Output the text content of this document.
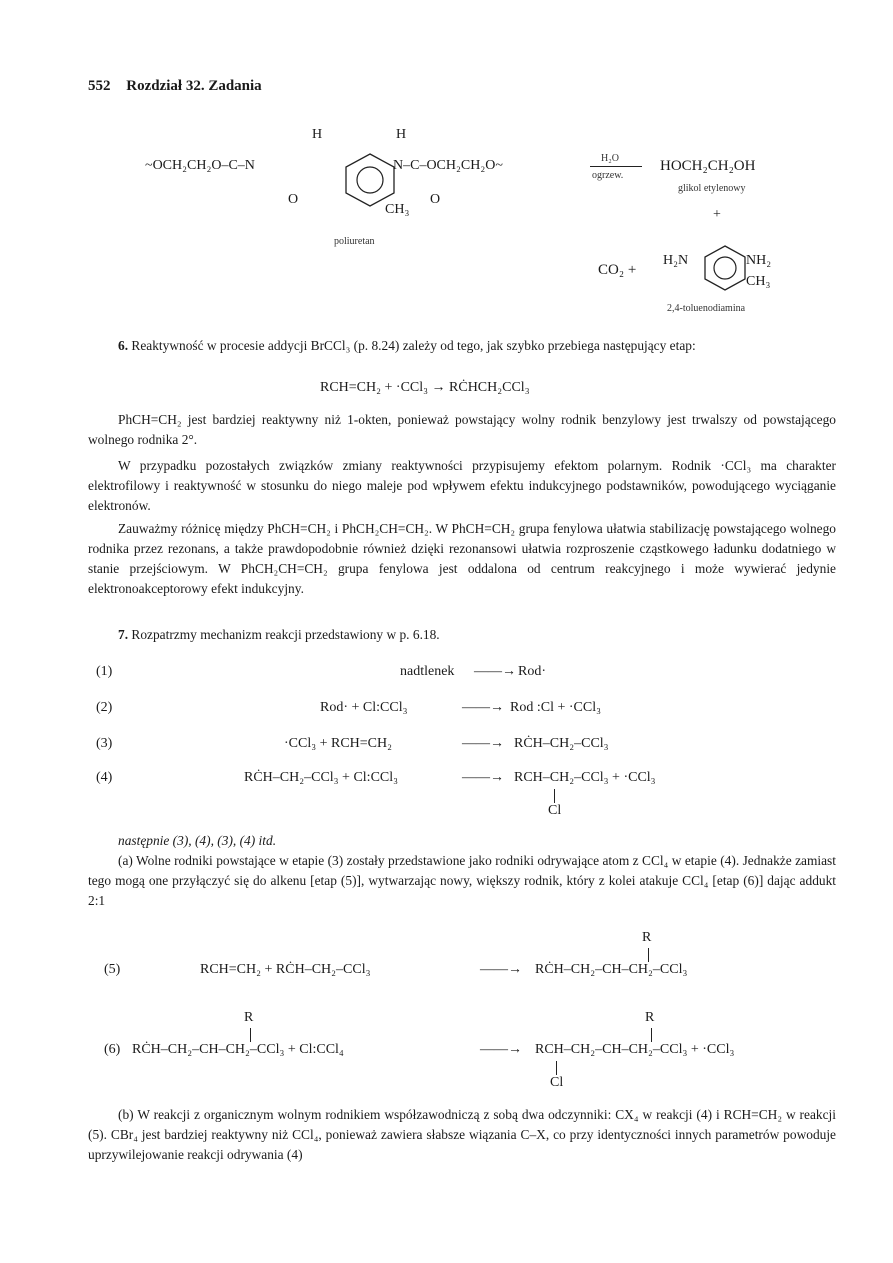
552 Rozdział 32. Zadania
H	H
~OCH₂CH₂O–C–N	N–C–OCH₂CH₂O~
O	O
CH₃
poliuretan
H₂O
ogrzew.
HOCH₂CH₂OH
glikol etylenowy
+
CO₂ +
H₂N	NH₂
CH₃
2,4-toluenodiamina
6. Reaktywność w procesie addycji BrCCl₃ (p. 8.24) zależy od tego, jak szybko przebiega następujący etap:
RCH=CH₂ + ·CCl₃ → RĊHCH₂CCl₃
PhCH=CH₂ jest bardziej reaktywny niż 1-okten, ponieważ powstający wolny rodnik benzylowy jest trwalszy od powstającego wolnego rodnika 2°.
W przypadku pozostałych związków zmiany reaktywności przypisujemy efektom polarnym. Rodnik ·CCl₃ ma charakter elektrofilowy i reaktywność w stosunku do niego maleje pod wpływem efektu indukcyjnego podstawników, powodującego wyciąganie elektronów.
Zauważmy różnicę między PhCH=CH₂ i PhCH₂CH=CH₂. W PhCH=CH₂ grupa fenylowa ułatwia stabilizację powstającego wolnego rodnika przez rezonans, a także prawdopodobnie również dzięki rezonansowi ułatwia rozproszenie cząstkowego ładunku dodatniego w stanie przejściowym. W PhCH₂CH=CH₂ grupa fenylowa jest oddalona od centrum reakcyjnego i może wywierać jedynie elektronoakceptorowy efekt indukcyjny.
7. Rozpatrzmy mechanizm reakcji przedstawiony w p. 6.18.
(1)	nadtlenek ——→ Rod·
(2)	Rod· + Cl:CCl₃	——→ Rod :Cl + ·CCl₃
(3)	·CCl₃ + RCH=CH₂	——→ RĊH–CH₂–CCl₃
(4)	RĊH–CH₂–CCl₃ + Cl:CCl₃	——→ RCH–CH₂–CCl₃ + ·CCl₃
Cl
następnie (3), (4), (3), (4) itd.
(a) Wolne rodniki powstające w etapie (3) zostały przedstawione jako rodniki odrywające atom z CCl₄ w etapie (4). Jednakże zamiast tego mogą one przyłączyć się do alkenu [etap (5)], wytwarzając nowy, większy rodnik, który z kolei atakuje CCl₄ [etap (6)] dając addukt 2:1
R
(5)	RCH=CH₂ + RĊH–CH₂–CCl₃	——→ RĊH–CH₂–CH–CH₂–CCl₃
R	R
(6) RĊH–CH₂–CH–CH₂–CCl₃ + Cl:CCl₄	——→ RCH–CH₂–CH–CH₂–CCl₃ + ·CCl₃
Cl
(b) W reakcji z organicznym wolnym rodnikiem współzawodniczą z sobą dwa odczynniki: CX₄ w reakcji (4) i RCH=CH₂ w reakcji (5). CBr₄ jest bardziej reaktywny niż CCl₄, ponieważ zawiera słabsze wiązania C–X, co przy identyczności innych parametrów powoduje uprzywilejowanie reakcji odrywania (4)
